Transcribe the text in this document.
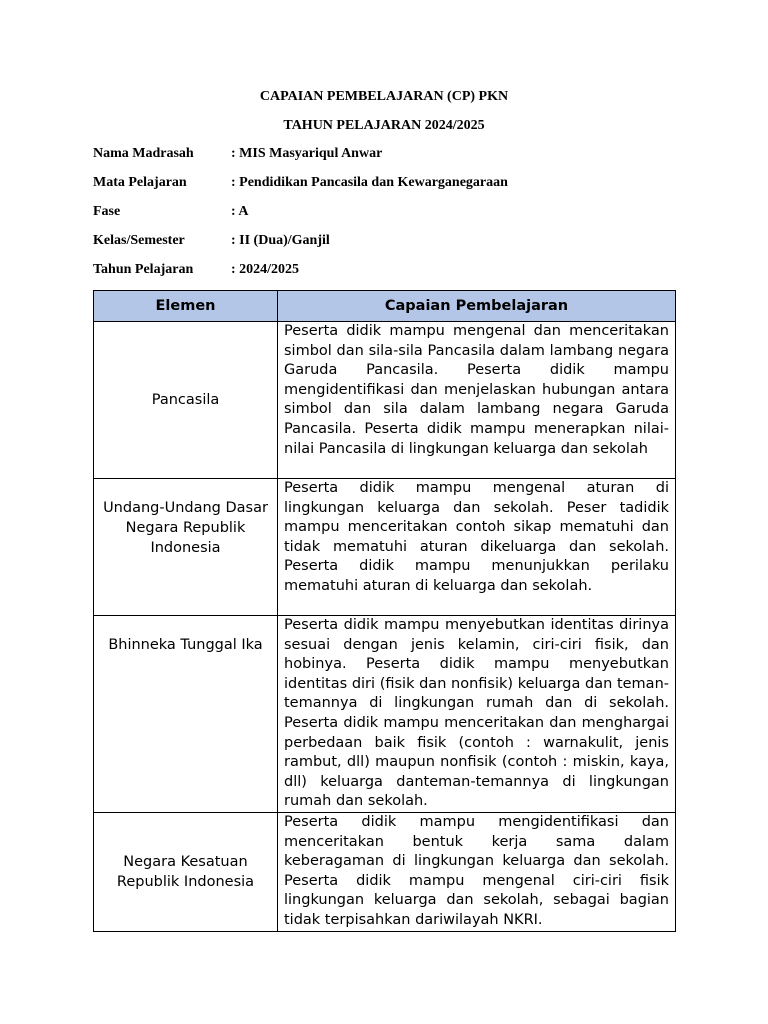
CAPAIAN PEMBELAJARAN (CP) PKN
TAHUN PELAJARAN 2024/2025
Nama Madrasah	: MIS Masyariqul Anwar
Mata Pelajaran	: Pendidikan Pancasila dan Kewarganegaraan
Fase	: A
Kelas/Semester	: II (Dua)/Ganjil
Tahun Pelajaran	: 2024/2025
Elemen	Capaian Pembelajaran
Pancasila	Peserta didik mampu mengenal dan menceritakan simbol dan sila-sila Pancasila dalam lambang negara Garuda Pancasila. Peserta didik mampu mengidentifikasi dan menjelaskan hubungan antara simbol dan sila dalam lambang negara Garuda Pancasila. Peserta didik mampu menerapkan nilai-nilai Pancasila di lingkungan keluarga dan sekolah
Undang-Undang Dasar Negara Republik Indonesia	Peserta didik mampu mengenal aturan di lingkungan keluarga dan sekolah. Peser tadidik mampu menceritakan contoh sikap mematuhi dan tidak mematuhi aturan dikeluarga dan sekolah. Peserta didik mampu menunjukkan perilaku mematuhi aturan di keluarga dan sekolah.
Bhinneka Tunggal Ika	Peserta didik mampu menyebutkan identitas dirinya sesuai dengan jenis kelamin, ciri-ciri fisik, dan hobinya. Peserta didik mampu menyebutkan identitas diri (fisik dan nonfisik) keluarga dan teman-temannya di lingkungan rumah dan di sekolah. Peserta didik mampu menceritakan dan menghargai perbedaan baik fisik (contoh : warnakulit, jenis rambut, dll) maupun nonfisik (contoh : miskin, kaya, dll) keluarga danteman-temannya di lingkungan rumah dan sekolah.
Negara Kesatuan Republik Indonesia	Peserta didik mampu mengidentifikasi dan menceritakan bentuk kerja sama dalam keberagaman di lingkungan keluarga dan sekolah. Peserta didik mampu mengenal ciri-ciri fisik lingkungan keluarga dan sekolah, sebagai bagian tidak terpisahkan dariwilayah NKRI.
